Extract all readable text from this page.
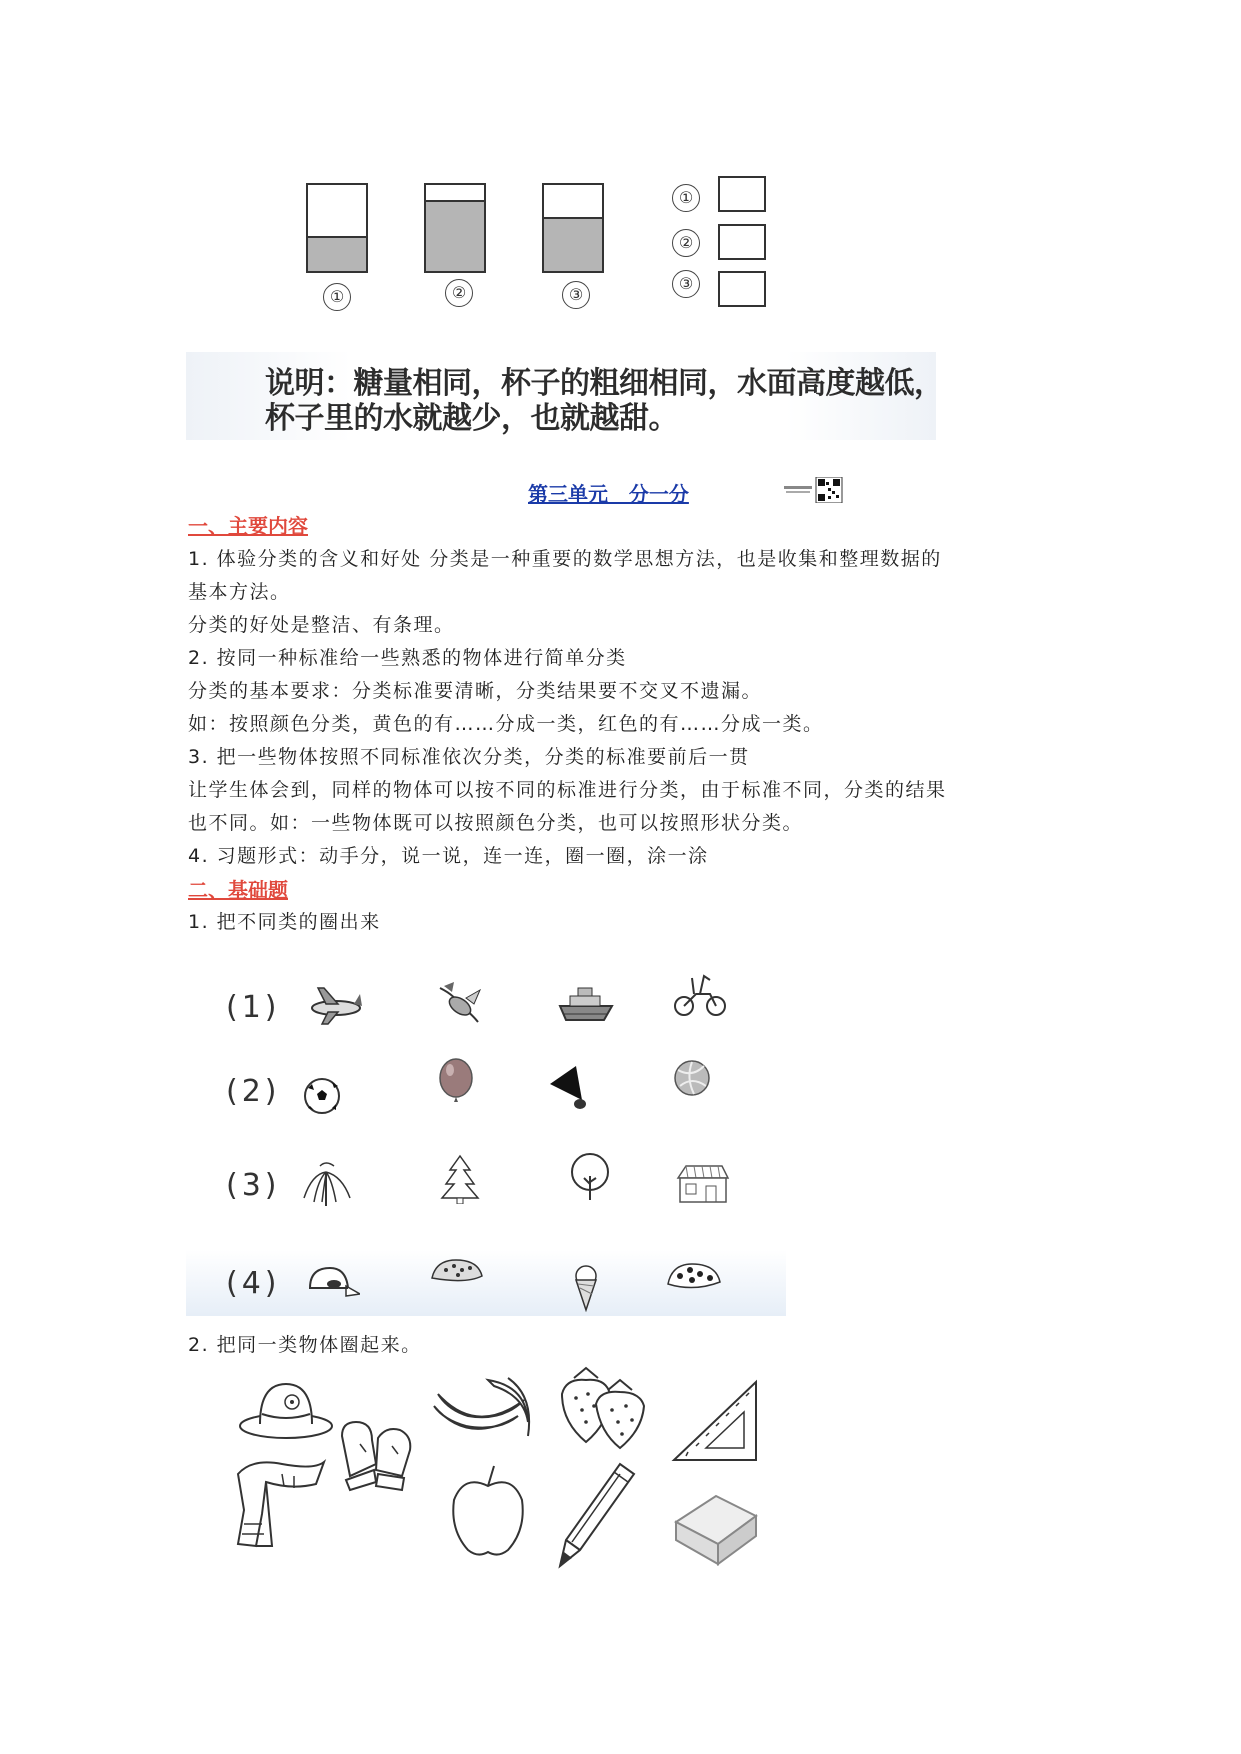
①	②	③
①
②
③
说明：糖量相同，杯子的粗细相同，水面高度越低，
杯子里的水就越少，也就越甜。
第三单元   分一分
一、主要内容
1. 体验分类的含义和好处 分类是一种重要的数学思想方法，也是收集和整理数据的
基本方法。
分类的好处是整洁、有条理。
2. 按同一种标准给一些熟悉的物体进行简单分类
分类的基本要求：分类标准要清晰，分类结果要不交叉不遗漏。
如：按照颜色分类，黄色的有……分成一类，红色的有……分成一类。
3. 把一些物体按照不同标准依次分类，分类的标准要前后一贯
让学生体会到，同样的物体可以按不同的标准进行分类，由于标准不同，分类的结果
也不同。如：一些物体既可以按照颜色分类，也可以按照形状分类。
4. 习题形式：动手分，说一说，连一连，圈一圈，涂一涂
二、基础题
1. 把不同类的圈出来
(1)
(2)
(3)
(4)
2. 把同一类物体圈起来。
